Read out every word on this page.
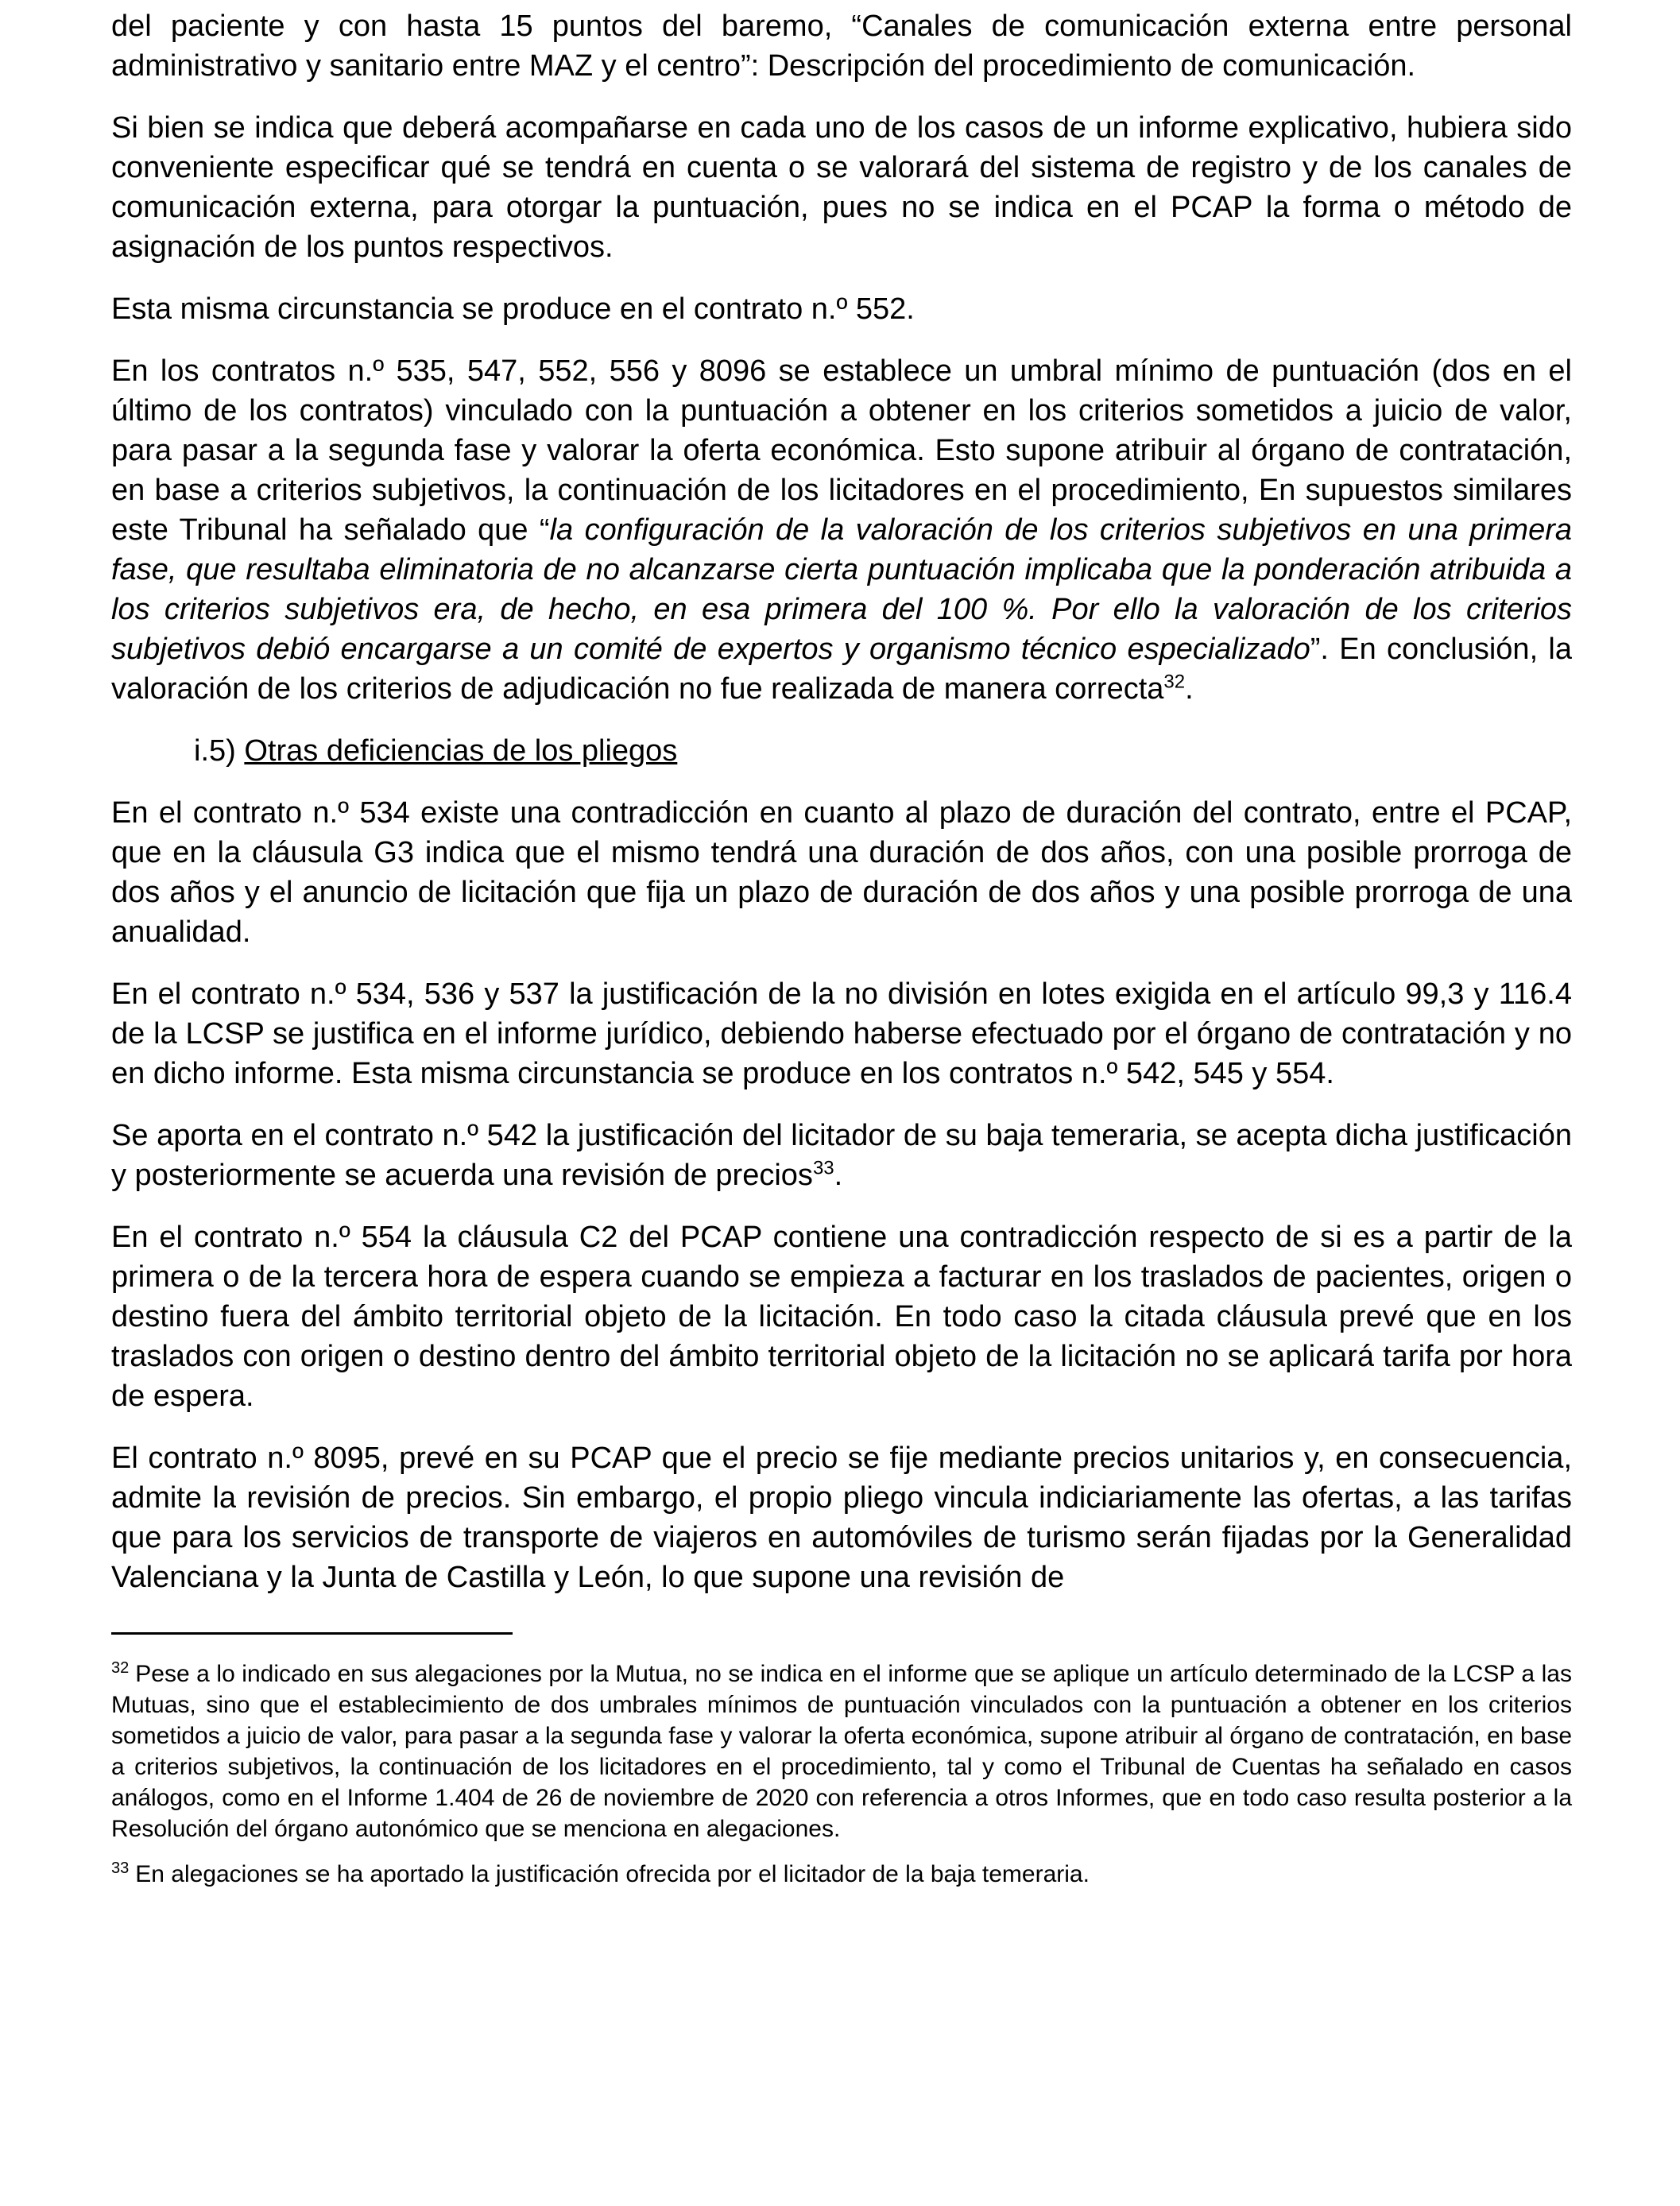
del paciente y con hasta 15 puntos del baremo, “Canales de comunicación externa entre personal administrativo y sanitario entre MAZ y el centro”: Descripción del procedimiento de comunicación.

Si bien se indica que deberá acompañarse en cada uno de los casos de un informe explicativo, hubiera sido conveniente especificar qué se tendrá en cuenta o se valorará del sistema de registro y de los canales de comunicación externa, para otorgar la puntuación, pues no se indica en el PCAP la forma o método de asignación de los puntos respectivos.

Esta misma circunstancia se produce en el contrato n.º 552.

En los contratos n.º 535, 547, 552, 556 y 8096 se establece un umbral mínimo de puntuación (dos en el último de los contratos) vinculado con la puntuación a obtener en los criterios sometidos a juicio de valor, para pasar a la segunda fase y valorar la oferta económica. Esto supone atribuir al órgano de contratación, en base a criterios subjetivos, la continuación de los licitadores en el procedimiento, En supuestos similares este Tribunal ha señalado que “la configuración de la valoración de los criterios subjetivos en una primera fase, que resultaba eliminatoria de no alcanzarse cierta puntuación implicaba que la ponderación atribuida a los criterios subjetivos era, de hecho, en esa primera del 100 %. Por ello la valoración de los criterios subjetivos debió encargarse a un comité de expertos y organismo técnico especializado”. En conclusión, la valoración de los criterios de adjudicación no fue realizada de manera correcta$^{32}$.

i.5) Otras deficiencias de los pliegos

En el contrato n.º 534 existe una contradicción en cuanto al plazo de duración del contrato, entre el PCAP, que en la cláusula G3 indica que el mismo tendrá una duración de dos años, con una posible prorroga de dos años y el anuncio de licitación que fija un plazo de duración de dos años y una posible prorroga de una anualidad.

En el contrato n.º 534, 536 y 537 la justificación de la no división en lotes exigida en el artículo 99,3 y 116.4 de la LCSP se justifica en el informe jurídico, debiendo haberse efectuado por el órgano de contratación y no en dicho informe. Esta misma circunstancia se produce en los contratos n.º 542, 545 y 554.

Se aporta en el contrato n.º 542 la justificación del licitador de su baja temeraria, se acepta dicha justificación y posteriormente se acuerda una revisión de precios$^{33}$.

En el contrato n.º 554 la cláusula C2 del PCAP contiene una contradicción respecto de si es a partir de la primera o de la tercera hora de espera cuando se empieza a facturar en los traslados de pacientes, origen o destino fuera del ámbito territorial objeto de la licitación. En todo caso la citada cláusula prevé que en los traslados con origen o destino dentro del ámbito territorial objeto de la licitación no se aplicará tarifa por hora de espera.

El contrato n.º 8095, prevé en su PCAP que el precio se fije mediante precios unitarios y, en consecuencia, admite la revisión de precios. Sin embargo, el propio pliego vincula indiciariamente las ofertas, a las tarifas que para los servicios de transporte de viajeros en automóviles de turismo serán fijadas por la Generalidad Valenciana y la Junta de Castilla y León, lo que supone una revisión de

$^{32}$ Pese a lo indicado en sus alegaciones por la Mutua, no se indica en el informe que se aplique un artículo determinado de la LCSP a las Mutuas, sino que el establecimiento de dos umbrales mínimos de puntuación vinculados con la puntuación a obtener en los criterios sometidos a juicio de valor, para pasar a la segunda fase y valorar la oferta económica, supone atribuir al órgano de contratación, en base a criterios subjetivos, la continuación de los licitadores en el procedimiento, tal y como el Tribunal de Cuentas ha señalado en casos análogos, como en el Informe 1.404 de 26 de noviembre de 2020 con referencia a otros Informes, que en todo caso resulta posterior a la Resolución del órgano autonómico que se menciona en alegaciones.

$^{33}$ En alegaciones se ha aportado la justificación ofrecida por el licitador de la baja temeraria.
